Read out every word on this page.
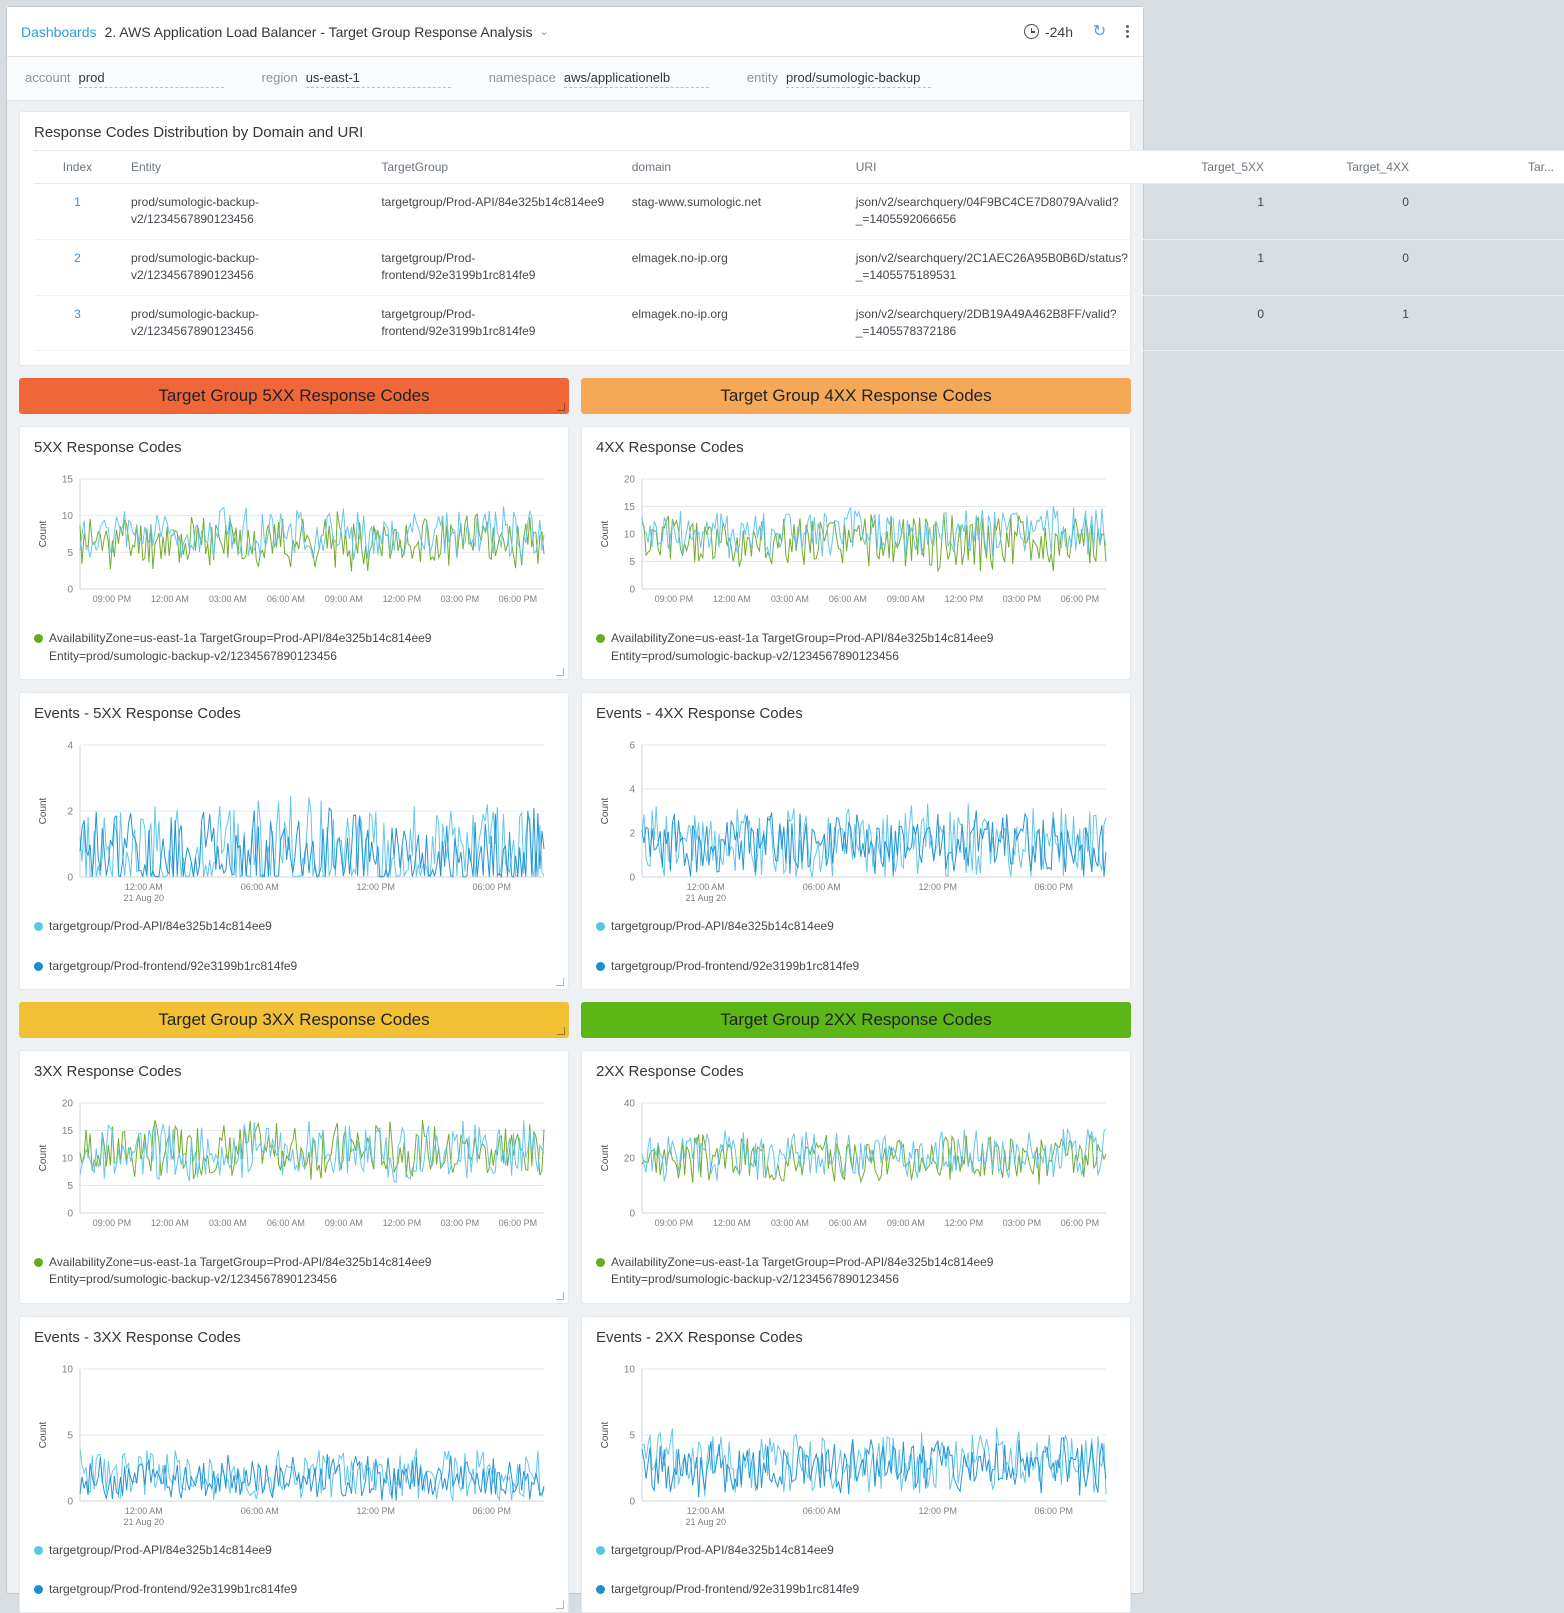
Dashboards 2. AWS Application Load Balancer - Target Group Response Analysis ⌄	-24h ↻
account prod	region us-east-1	namespace aws/applicationelb	entity prod/sumologic-backup
Response Codes Distribution by Domain and URI
Index	Entity	TargetGroup	domain	URI	Target_5XX	Target_4XX	Tar...
1	prod/sumologic-backup-v2/1234567890123456	targetgroup/Prod-API/84e325b14c814ee9	stag-www.sumologic.net	json/v2/searchquery/04F9BC4CE7D8079A/valid?_=1405592066656	1	0	
2	prod/sumologic-backup-v2/1234567890123456	targetgroup/Prod-frontend/92e3199b1rc814fe9	elmagek.no-ip.org	json/v2/searchquery/2C1AEC26A95B0B6D/status?_=1405575189531	1	0	
3	prod/sumologic-backup-v2/1234567890123456	targetgroup/Prod-frontend/92e3199b1rc814fe9	elmagek.no-ip.org	json/v2/searchquery/2DB19A49A462B8FF/valid?_=1405578372186	0	1	
Target Group 5XX Response Codes	Target Group 4XX Response Codes
5XX Response Codes
0
5
10
15
Count
09:00 PM 12:00 AM 03:00 AM 06:00 AM 09:00 AM 12:00 PM 03:00 PM 06:00 PM
AvailabilityZone=us-east-1a TargetGroup=Prod-API/84e325b14c814ee9 Entity=prod/sumologic-backup-v2/1234567890123456
4XX Response Codes
0
5
10
15
20
Count
09:00 PM 12:00 AM 03:00 AM 06:00 AM 09:00 AM 12:00 PM 03:00 PM 06:00 PM
AvailabilityZone=us-east-1a TargetGroup=Prod-API/84e325b14c814ee9 Entity=prod/sumologic-backup-v2/1234567890123456
Events - 5XX Response Codes
0
2
4
Count
12:00 AM
21 Aug 20
06:00 AM	12:00 PM	06:00 PM
targetgroup/Prod-API/84e325b14c814ee9
targetgroup/Prod-frontend/92e3199b1rc814fe9
Events - 4XX Response Codes
0
2
4
6
Count
12:00 AM
21 Aug 20
06:00 AM	12:00 PM	06:00 PM
targetgroup/Prod-API/84e325b14c814ee9
targetgroup/Prod-frontend/92e3199b1rc814fe9
Target Group 3XX Response Codes	Target Group 2XX Response Codes
3XX Response Codes
0
5
10
15
20
Count
09:00 PM 12:00 AM 03:00 AM 06:00 AM 09:00 AM 12:00 PM 03:00 PM 06:00 PM
AvailabilityZone=us-east-1a TargetGroup=Prod-API/84e325b14c814ee9 Entity=prod/sumologic-backup-v2/1234567890123456
2XX Response Codes
0
20
40
Count
09:00 PM 12:00 AM 03:00 AM 06:00 AM 09:00 AM 12:00 PM 03:00 PM 06:00 PM
AvailabilityZone=us-east-1a TargetGroup=Prod-API/84e325b14c814ee9 Entity=prod/sumologic-backup-v2/1234567890123456
Events - 3XX Response Codes
0
5
10
Count
12:00 AM
21 Aug 20
06:00 AM	12:00 PM	06:00 PM
targetgroup/Prod-API/84e325b14c814ee9
targetgroup/Prod-frontend/92e3199b1rc814fe9
Events - 2XX Response Codes
0
5
10
Count
12:00 AM
21 Aug 20
06:00 AM	12:00 PM	06:00 PM
targetgroup/Prod-API/84e325b14c814ee9
targetgroup/Prod-frontend/92e3199b1rc814fe9
